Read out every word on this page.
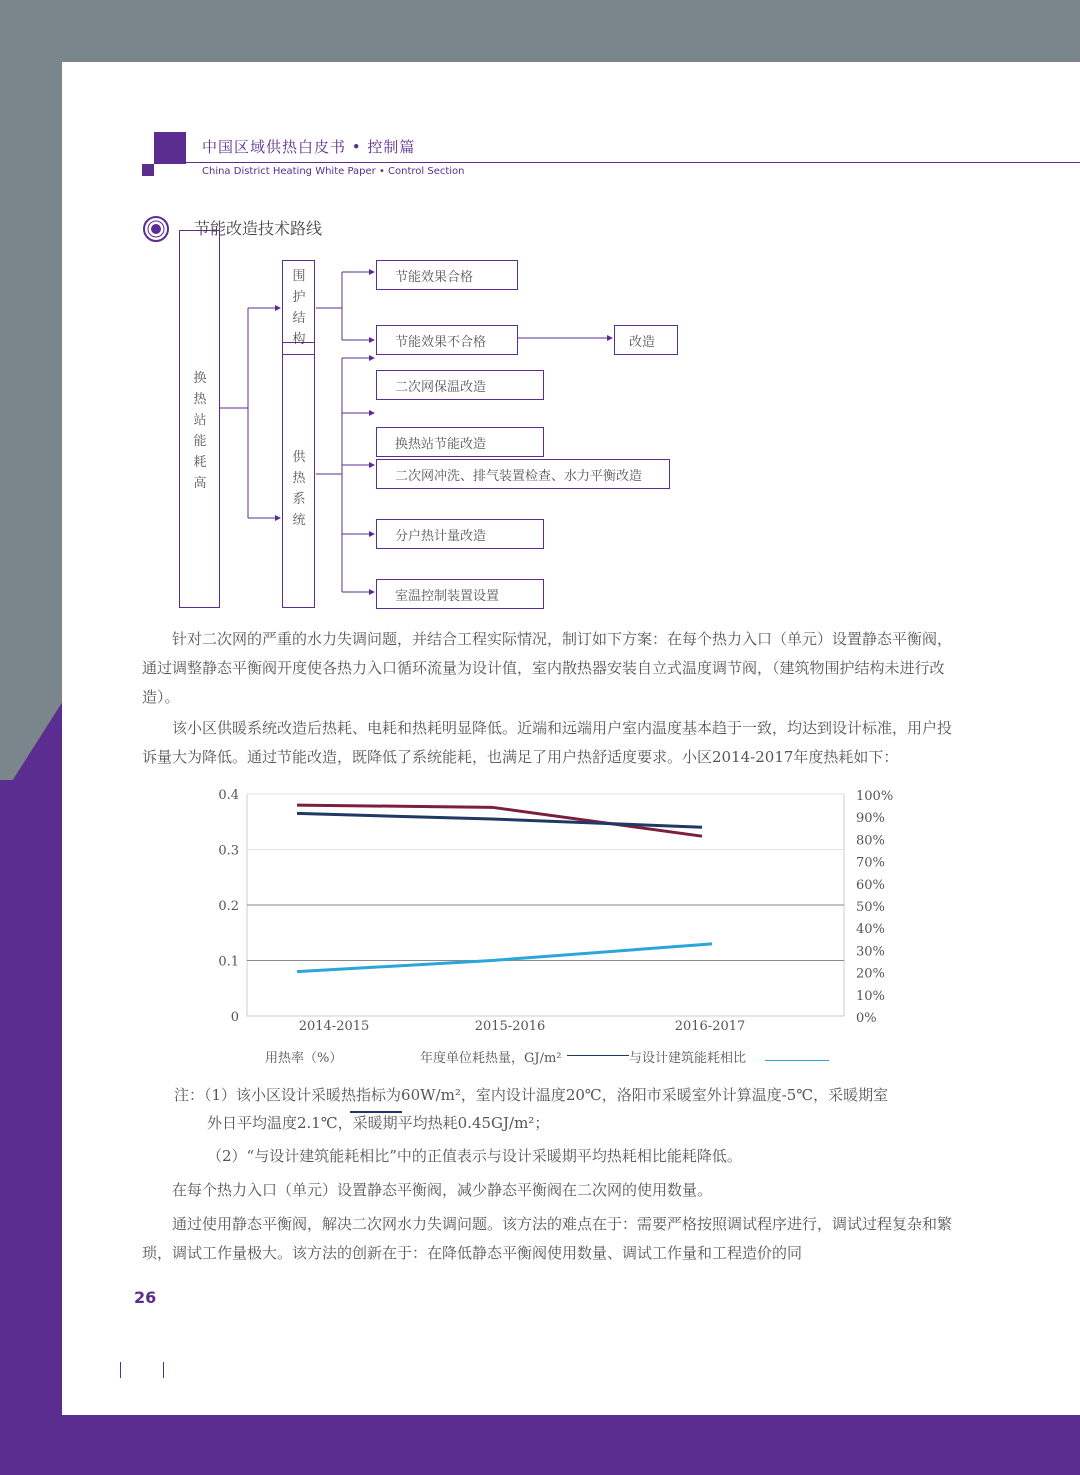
中国区域供热白皮书 • 控制篇
China District Heating White Paper • Control Section
节能改造技术路线
换热站能耗高
围护结构
供热系统
节能效果合格
节能效果不合格	改造
二次网保温改造
换热站节能改造
二次网冲洗、排气装置检查、水力平衡改造
分户热计量改造
室温控制装置设置
针对二次网的严重的水力失调问题，并结合工程实际情况，制订如下方案：在每个热力入口（单元）设置静态平衡阀，通过调整静态平衡阀开度使各热力入口循环流量为设计值，室内散热器安装自立式温度调节阀，（建筑物围护结构未进行改造）。
该小区供暖系统改造后热耗、电耗和热耗明显降低。近端和远端用户室内温度基本趋于一致，均达到设计标准，用户投诉量大为降低。通过节能改造，既降低了系统能耗，也满足了用户热舒适度要求。小区2014-2017年度热耗如下：
0.4
0.3
0.2
0.1
0
100%
90%
80%
70%
60%
50%
40%
30%
20%
10%
0%
2014-2015	2015-2016	2016-2017
用热率（%）	年度单位耗热量，GJ/m²	与设计建筑能耗相比
注：（1）该小区设计采暖热指标为60W/m²，室内设计温度20℃，洛阳市采暖室外计算温度-5℃，采暖期室
外日平均温度2.1℃，采暖期平均热耗0.45GJ/m²；
（2）“与设计建筑能耗相比”中的正值表示与设计采暖期平均热耗相比能耗降低。
在每个热力入口（单元）设置静态平衡阀，减少静态平衡阀在二次网的使用数量。
通过使用静态平衡阀，解决二次网水力失调问题。该方法的难点在于：需要严格按照调试程序进行，调试过程复杂和繁琐，调试工作量极大。该方法的创新在于：在降低静态平衡阀使用数量、调试工作量和工程造价的同
26
